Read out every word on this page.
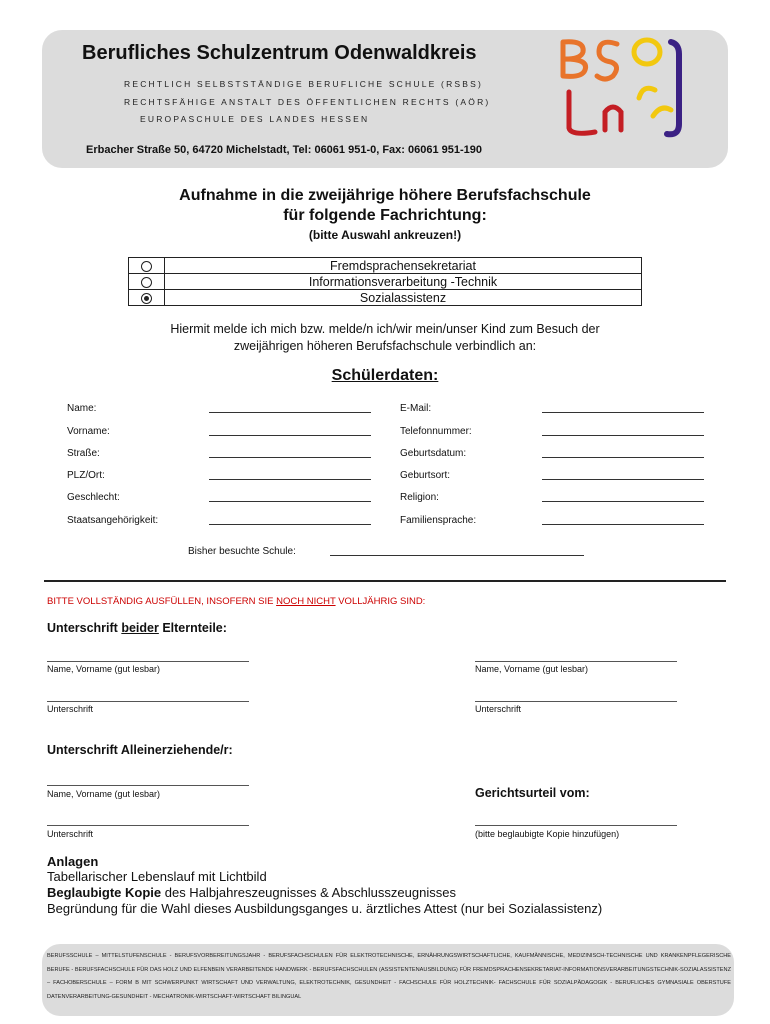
Berufliches Schulzentrum Odenwaldkreis
RECHTLICH SELBSTSTÄNDIGE BERUFLICHE SCHULE (RSBS)
RECHTSFÄHIGE ANSTALT DES ÖFFENTLICHEN RECHTS (AÖR)
EUROPASCHULE DES LANDES HESSEN
Erbacher Straße 50, 64720 Michelstadt, Tel: 06061 951-0, Fax: 06061 951-190
Aufnahme in die zweijährige höhere Berufsfachschule
für folgende Fachrichtung:
(bitte Auswahl ankreuzen!)
	Fremdsprachensekretariat
	Informationsverarbeitung -Technik
	Sozialassistenz
Hiermit melde ich mich bzw. melde/n ich/wir mein/unser Kind zum Besuch der
zweijährigen höheren Berufsfachschule verbindlich an:
Schülerdaten:
Name:
Vorname:
Straße:
PLZ/Ort:
Geschlecht:
Staatsangehörigkeit:
E-Mail:
Telefonnummer:
Geburtsdatum:
Geburtsort:
Religion:
Familiensprache:
Bisher besuchte Schule:
BITTE VOLLSTÄNDIG AUSFÜLLEN, INSOFERN SIE NOCH NICHT VOLLJÄHRIG SIND:
Unterschrift beider Elternteile:
Name, Vorname (gut lesbar)	Name, Vorname (gut lesbar)
Unterschrift	Unterschrift
Unterschrift Alleinerziehende/r:
Name, Vorname (gut lesbar)	Gerichtsurteil vom:
Unterschrift	(bitte beglaubigte Kopie hinzufügen)
Anlagen
Tabellarischer Lebenslauf mit Lichtbild
Beglaubigte Kopie des Halbjahreszeugnisses & Abschlusszeugnisses
Begründung für die Wahl dieses Ausbildungsganges u. ärztliches Attest (nur bei Sozialassistenz)
BERUFSSCHULE – MITTELSTUFENSCHULE - BERUFSVORBEREITUNGSJAHR - BERUFSFACHSCHULEN FÜR ELEKTROTECHNISCHE, ERNÄHRUNGSWIRTSCHAFTLICHE, KAUFMÄNNISCHE, MEDIZINISCH-TECHNISCHE UND KRANKENPFLEGERISCHE BERUFE - BERUFSFACHSCHULE FÜR DAS HOLZ UND ELFENBEIN VERARBEITENDE HANDWERK - BERUFSFACHSCHULEN (ASSISTENTENAUSBILDUNG) FÜR FREMDSPRACHENSEKRETARIAT-INFORMATIONSVERARBEITUNGSTECHNIK-SOZIALASSISTENZ – FACHOBERSCHULE – FORM B MIT SCHWERPUNKT WIRTSCHAFT UND VERWALTUNG, ELEKTROTECHNIK, GESUNDHEIT - FACHSCHULE FÜR HOLZTECHNIK- FACHSCHULE FÜR SOZIALPÄDAGOGIK - BERUFLICHES GYMNASIALE OBERSTUFE DATENVERARBEITUNG-GESUNDHEIT - MECHATRONIK-WIRTSCHAFT-WIRTSCHAFT BILINGUAL
